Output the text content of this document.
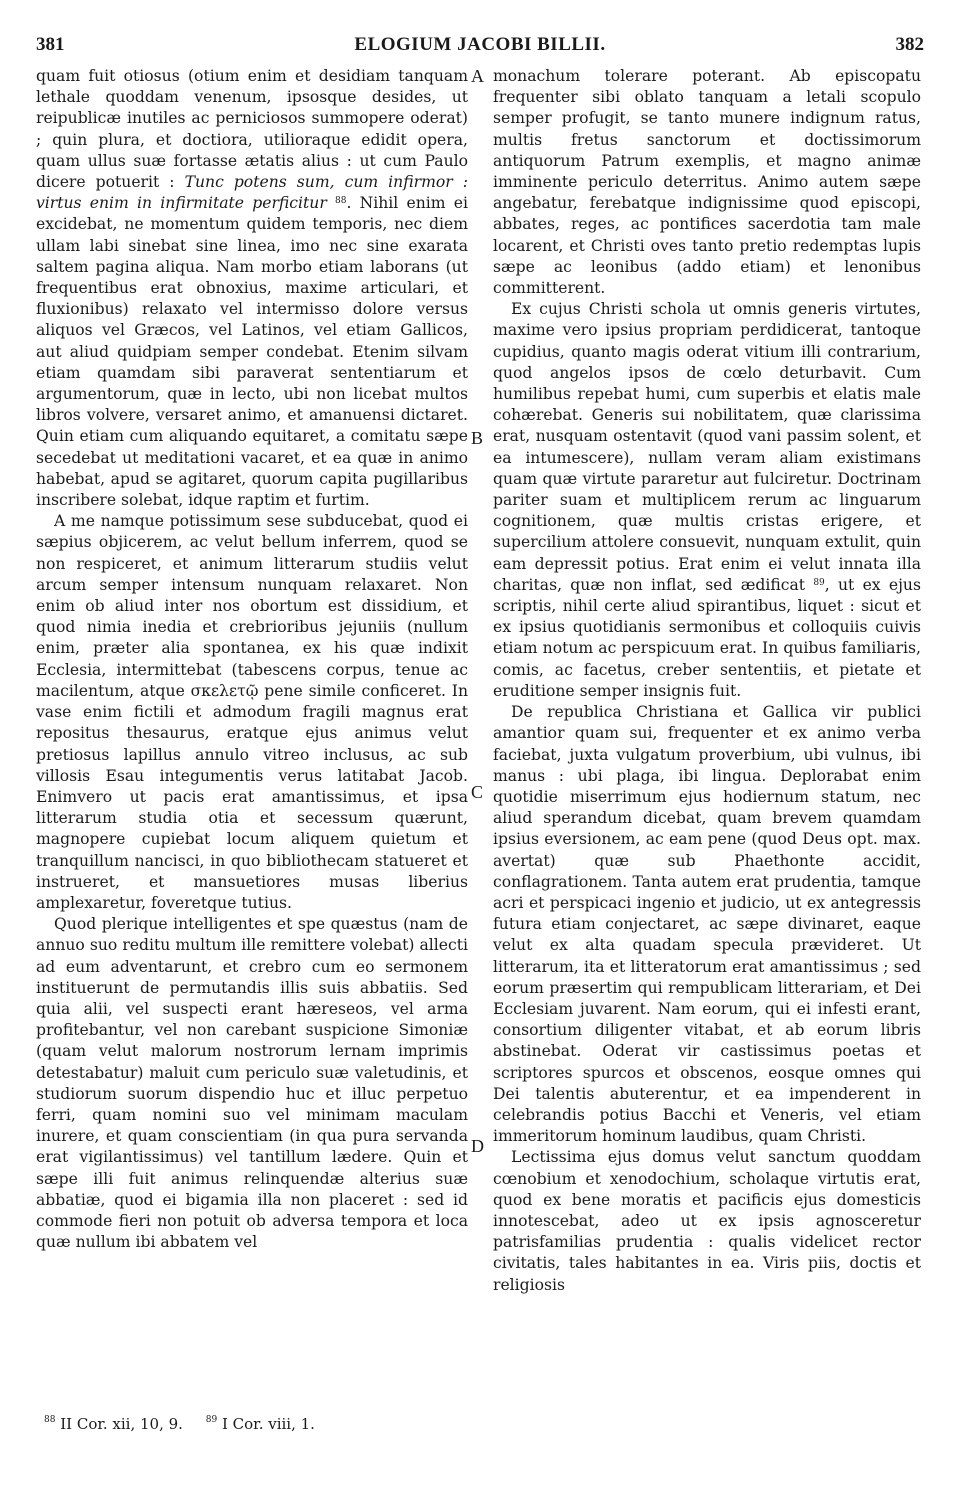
ELOGIUM JACOBI BILLII.
381	382

quam fuit otiosus (otium enim et desidiam tanquam lethale quoddam venenum, ipsosque desides, ut reipublicæ inutiles ac perniciosos summopere oderat) ; quin plura, et doctiora, utilioraque edidit opera, quam ullus suæ fortasse ætatis alius : ut cum Paulo dicere potuerit : Tunc potens sum, cum infirmor : virtus enim in infirmitate perficitur $^{88}$. Nihil enim ei excidebat, ne momentum quidem temporis, nec diem ullam labi sinebat sine linea, imo nec sine exarata saltem pagina aliqua. Nam morbo etiam laborans (ut frequentibus erat obnoxius, maxime articulari, et fluxionibus) relaxato vel intermisso dolore versus aliquos vel Græcos, vel Latinos, vel etiam Gallicos, aut aliud quidpiam semper condebat. Etenim silvam etiam quamdam sibi paraverat sententiarum et argumentorum, quæ in lecto, ubi non licebat multos libros volvere, versaret animo, et amanuensi dictaret. Quin etiam cum aliquando equitaret, a comitatu sæpe secedebat ut meditationi vacaret, et ea quæ in animo habebat, apud se agitaret, quorum capita pugillaribus inscribere solebat, idque raptim et furtim.

A me namque potissimum sese subducebat, quod ei sæpius objicerem, ac velut bellum inferrem, quod se non respiceret, et animum litterarum studiis velut arcum semper intensum nunquam relaxaret. Non enim ob aliud inter nos obortum est dissidium, et quod nimia inedia et crebrioribus jejuniis (nullum enim, præter alia spontanea, ex his quæ indixit Ecclesia, intermittebat (tabescens corpus, tenue ac macilentum, atque σκελετῷ pene simile conficeret. In vase enim fictili et admodum fragili magnus erat repositus thesaurus, eratque ejus animus velut pretiosus lapillus annulo vitreo inclusus, ac sub villosis Esau integumentis verus latitabat Jacob. Enimvero ut pacis erat amantissimus, et ipsa litterarum studia otia et secessum quærunt, magnopere cupiebat locum aliquem quietum et tranquillum nancisci, in quo bibliothecam statueret et instrueret, et mansuetiores musas liberius amplexaretur, foveretque tutius.

Quod plerique intelligentes et spe quæstus (nam de annuo suo reditu multum ille remittere volebat) allecti ad eum adventarunt, et crebro cum eo sermonem instituerunt de permutandis illis suis abbatiis. Sed quia alii, vel suspecti erant hæreseos, vel arma profitebantur, vel non carebant suspicione Simoniæ (quam velut malorum nostrorum lernam imprimis detestabatur) maluit cum periculo suæ valetudinis, et studiorum suorum dispendio huc et illuc perpetuo ferri, quam nomini suo vel minimam maculam inurere, et quam conscientiam (in qua pura servanda erat vigilantissimus) vel tantillum lædere. Quin et sæpe illi fuit animus relinquendæ alterius suæ abbatiæ, quod ei bigamia illa non placeret : sed id commode fieri non potuit ob adversa tempora et loca quæ nullum ibi abbatem vel

A
B
C
D

monachum tolerare poterant. Ab episcopatu frequenter sibi oblato tanquam a letali scopulo semper profugit, se tanto munere indignum ratus, multis fretus sanctorum et doctissimorum antiquorum Patrum exemplis, et magno animæ imminente periculo deterritus. Animo autem sæpe angebatur, ferebatque indignissime quod episcopi, abbates, reges, ac pontifices sacerdotia tam male locarent, et Christi oves tanto pretio redemptas lupis sæpe ac leonibus (addo etiam) et lenonibus committerent.

Ex cujus Christi schola ut omnis generis virtutes, maxime vero ipsius propriam perdidicerat, tantoque cupidius, quanto magis oderat vitium illi contrarium, quod angelos ipsos de cœlo deturbavit. Cum humilibus repebat humi, cum superbis et elatis male cohærebat. Generis sui nobilitatem, quæ clarissima erat, nusquam ostentavit (quod vani passim solent, et ea intumescere), nullam veram aliam existimans quam quæ virtute pararetur aut fulciretur. Doctrinam pariter suam et multiplicem rerum ac linguarum cognitionem, quæ multis cristas erigere, et supercilium attolere consuevit, nunquam extulit, quin eam depressit potius. Erat enim ei velut innata illa charitas, quæ non inflat, sed ædificat $^{89}$, ut ex ejus scriptis, nihil certe aliud spirantibus, liquet : sicut et ex ipsius quotidianis sermonibus et colloquiis cuivis etiam notum ac perspicuum erat. In quibus familiaris, comis, ac facetus, creber sententiis, et pietate et eruditione semper insignis fuit.

De republica Christiana et Gallica vir publici amantior quam sui, frequenter et ex animo verba faciebat, juxta vulgatum proverbium, ubi vulnus, ibi manus : ubi plaga, ibi lingua. Deplorabat enim quotidie miserrimum ejus hodiernum statum, nec aliud sperandum dicebat, quam brevem quamdam ipsius eversionem, ac eam pene (quod Deus opt. max. avertat) quæ sub Phaethonte accidit, conflagrationem. Tanta autem erat prudentia, tamque acri et perspicaci ingenio et judicio, ut ex antegressis futura etiam conjectaret, ac sæpe divinaret, eaque velut ex alta quadam specula prævideret. Ut litterarum, ita et litteratorum erat amantissimus ; sed eorum præsertim qui rempublicam litterariam, et Dei Ecclesiam juvarent. Nam eorum, qui ei infesti erant, consortium diligenter vitabat, et ab eorum libris abstinebat. Oderat vir castissimus poetas et scriptores spurcos et obscenos, eosque omnes qui Dei talentis abuterentur, et ea impenderent in celebrandis potius Bacchi et Veneris, vel etiam immeritorum hominum laudibus, quam Christi.

Lectissima ejus domus velut sanctum quoddam cœnobium et xenodochium, scholaque virtutis erat, quod ex bene moratis et pacificis ejus domesticis innotescebat, adeo ut ex ipsis agnosceretur patrisfamilias prudentia : qualis videlicet rector civitatis, tales habitantes in ea. Viris piis, doctis et religiosis

$^{88}$ II Cor. xii, 10, 9.	$^{89}$ I Cor. viii, 1.
